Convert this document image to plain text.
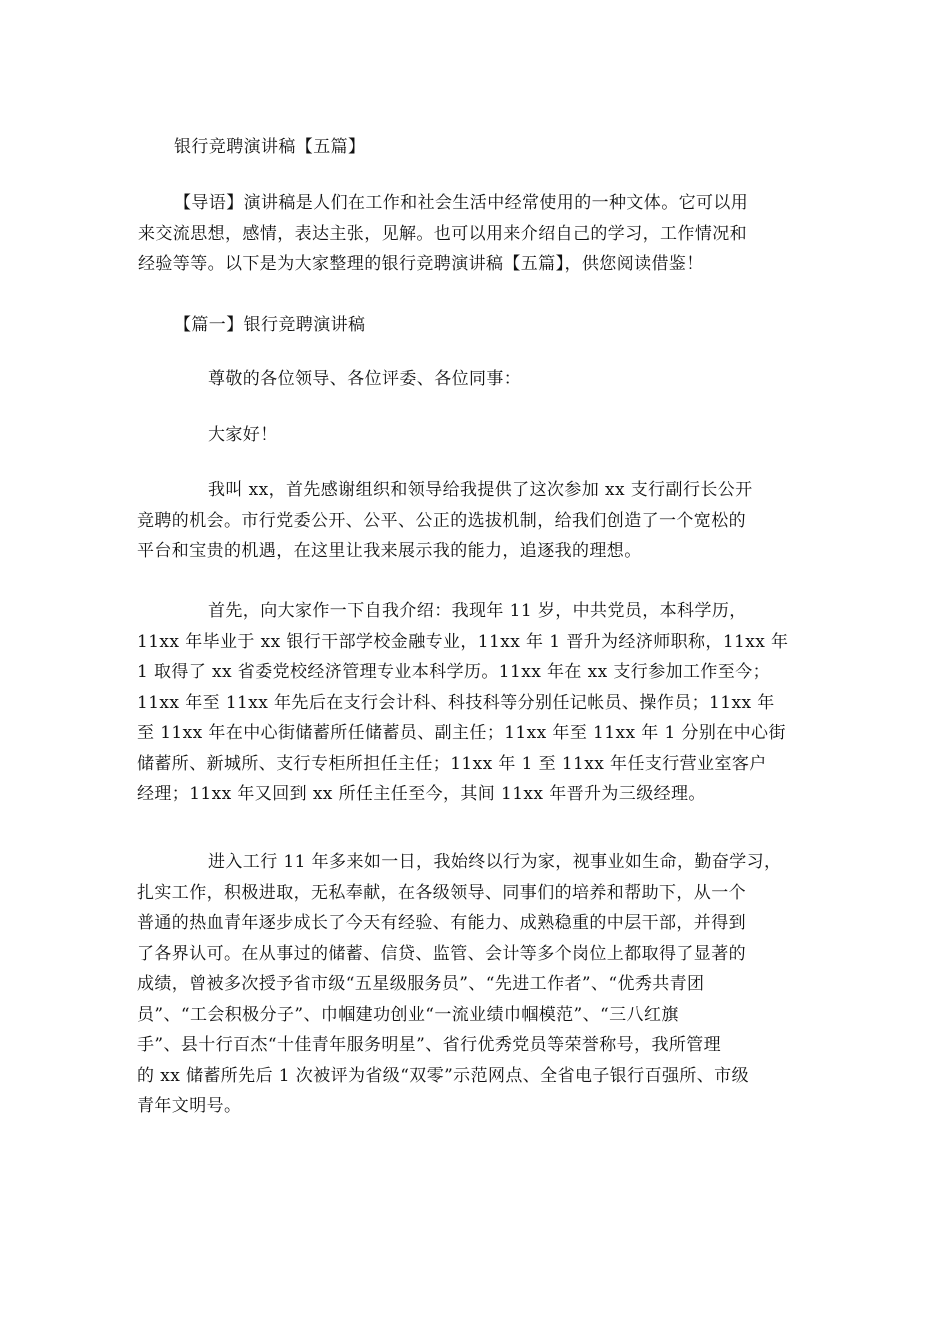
银行竞聘演讲稿【五篇】

【导语】演讲稿是人们在工作和社会生活中经常使用的一种文体。它可以用
来交流思想，感情，表达主张，见解。也可以用来介绍自己的学习，工作情况和
经验等等。以下是为大家整理的银行竞聘演讲稿【五篇】，供您阅读借鉴！

【篇一】银行竞聘演讲稿

尊敬的各位领导、各位评委、各位同事：

大家好！

我叫 xx，首先感谢组织和领导给我提供了这次参加 xx 支行副行长公开
竞聘的机会。市行党委公开、公平、公正的选拔机制，给我们创造了一个宽松的
平台和宝贵的机遇，在这里让我来展示我的能力，追逐我的理想。

首先，向大家作一下自我介绍：我现年 11 岁，中共党员，本科学历，
11xx 年毕业于 xx 银行干部学校金融专业，11xx 年 1 晋升为经济师职称，11xx 年
1 取得了 xx 省委党校经济管理专业本科学历。11xx 年在 xx 支行参加工作至今；
11xx 年至 11xx 年先后在支行会计科、科技科等分别任记帐员、操作员；11xx 年
至 11xx 年在中心街储蓄所任储蓄员、副主任；11xx 年至 11xx 年 1 分别在中心街
储蓄所、新城所、支行专柜所担任主任；11xx 年 1 至 11xx 年任支行营业室客户
经理；11xx 年又回到 xx 所任主任至今，其间 11xx 年晋升为三级经理。

进入工行 11 年多来如一日，我始终以行为家，视事业如生命，勤奋学习，
扎实工作，积极进取，无私奉献，在各级领导、同事们的培养和帮助下，从一个
普通的热血青年逐步成长了今天有经验、有能力、成熟稳重的中层干部，并得到
了各界认可。在从事过的储蓄、信贷、监管、会计等多个岗位上都取得了显著的
成绩，曾被多次授予省市级“五星级服务员”、“先进工作者”、“优秀共青团
员”、“工会积极分子”、巾帼建功创业“一流业绩巾帼模范”、“三八红旗
手”、县十行百杰“十佳青年服务明星”、省行优秀党员等荣誉称号，我所管理
的 xx 储蓄所先后 1 次被评为省级“双零”示范网点、全省电子银行百强所、市级
青年文明号。
